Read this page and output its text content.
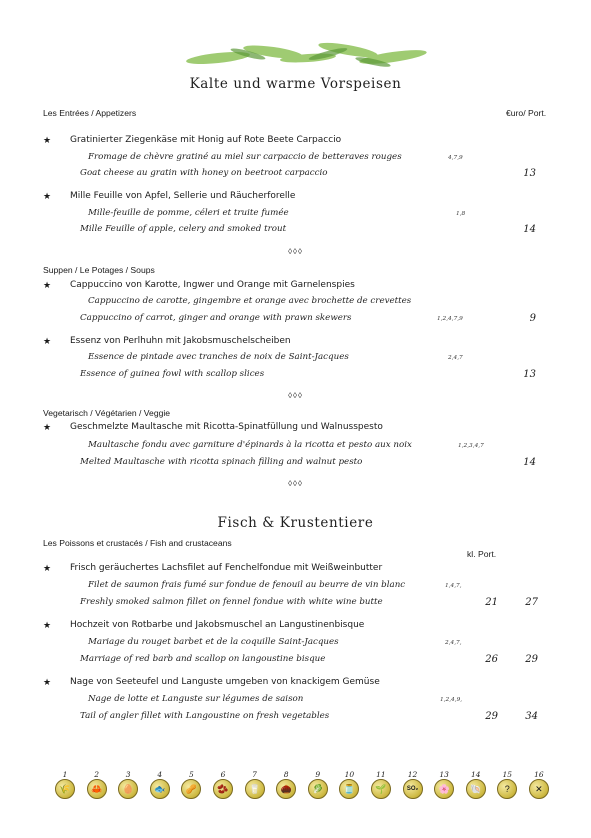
Kalte und warme Vorspeisen
Les Entrées / Appetizers	€uro/ Port.
★ Gratinierter Ziegenkäse mit Honig auf Rote Beete Carpaccio
Fromage de chèvre gratiné au miel sur carpaccio de betteraves rouges	4,7,9
Goat cheese au gratin with honey on beetroot carpaccio	13
★ Mille Feuille von Apfel, Sellerie und Räucherforelle
Mille-feuille de pomme, céleri et truite fumée	1,8
Mille Feuille of apple, celery and smoked trout	14
◊◊◊
Suppen / Le Potages / Soups
★ Cappuccino von Karotte, Ingwer und Orange mit Garnelenspies
Cappuccino de carotte, gingembre et orange avec brochette de crevettes
Cappuccino of carrot, ginger and orange with prawn skewers	1,2,4,7,9	9
★ Essenz von Perlhuhn mit Jakobsmuschelscheiben
Essence de pintade avec tranches de noix de Saint-Jacques	2,4,7
Essence of guinea fowl with scallop slices	13
◊◊◊
Vegetarisch / Végétarien / Veggie
★ Geschmelzte Maultasche mit Ricotta-Spinatfüllung und Walnusspesto
Maultasche fondu avec garniture d'épinards à la ricotta et pesto aux noix	1,2,3,4,7
Melted Maultasche with ricotta spinach filling and walnut pesto	14
◊◊◊
Fisch & Krustentiere
Les Poissons et crustacés / Fish and crustaceans
kl. Port.
★ Frisch geräuchertes Lachsfilet auf Fenchelfondue mit Weißweinbutter
Filet de saumon frais fumé sur fondue de fenouil au beurre de vin blanc	1,4,7,
Freshly smoked salmon fillet on fennel fondue with white wine butte	21	27
★ Hochzeit von Rotbarbe und Jakobsmuschel an Langustinenbisque
Mariage du rouget barbet et de la coquille Saint-Jacques	2,4,7,
Marriage of red barb and scallop on langoustine bisque	26	29
★ Nage von Seeteufel und Languste umgeben von knackigem Gemüse
Nage de lotte et Languste sur légumes de saison	1,2,4,9,
Tail of angler fillet with Langoustine on fresh vegetables	29	34
1
🌾
2
🦀
3
🥚
4
🐟
5
🥜
6
🫘
7
🥛
8
🌰
9
🥬
10
🫙
11
🌱
12
SO₂
13
🌸
14
🐚
15
?
16
✕
